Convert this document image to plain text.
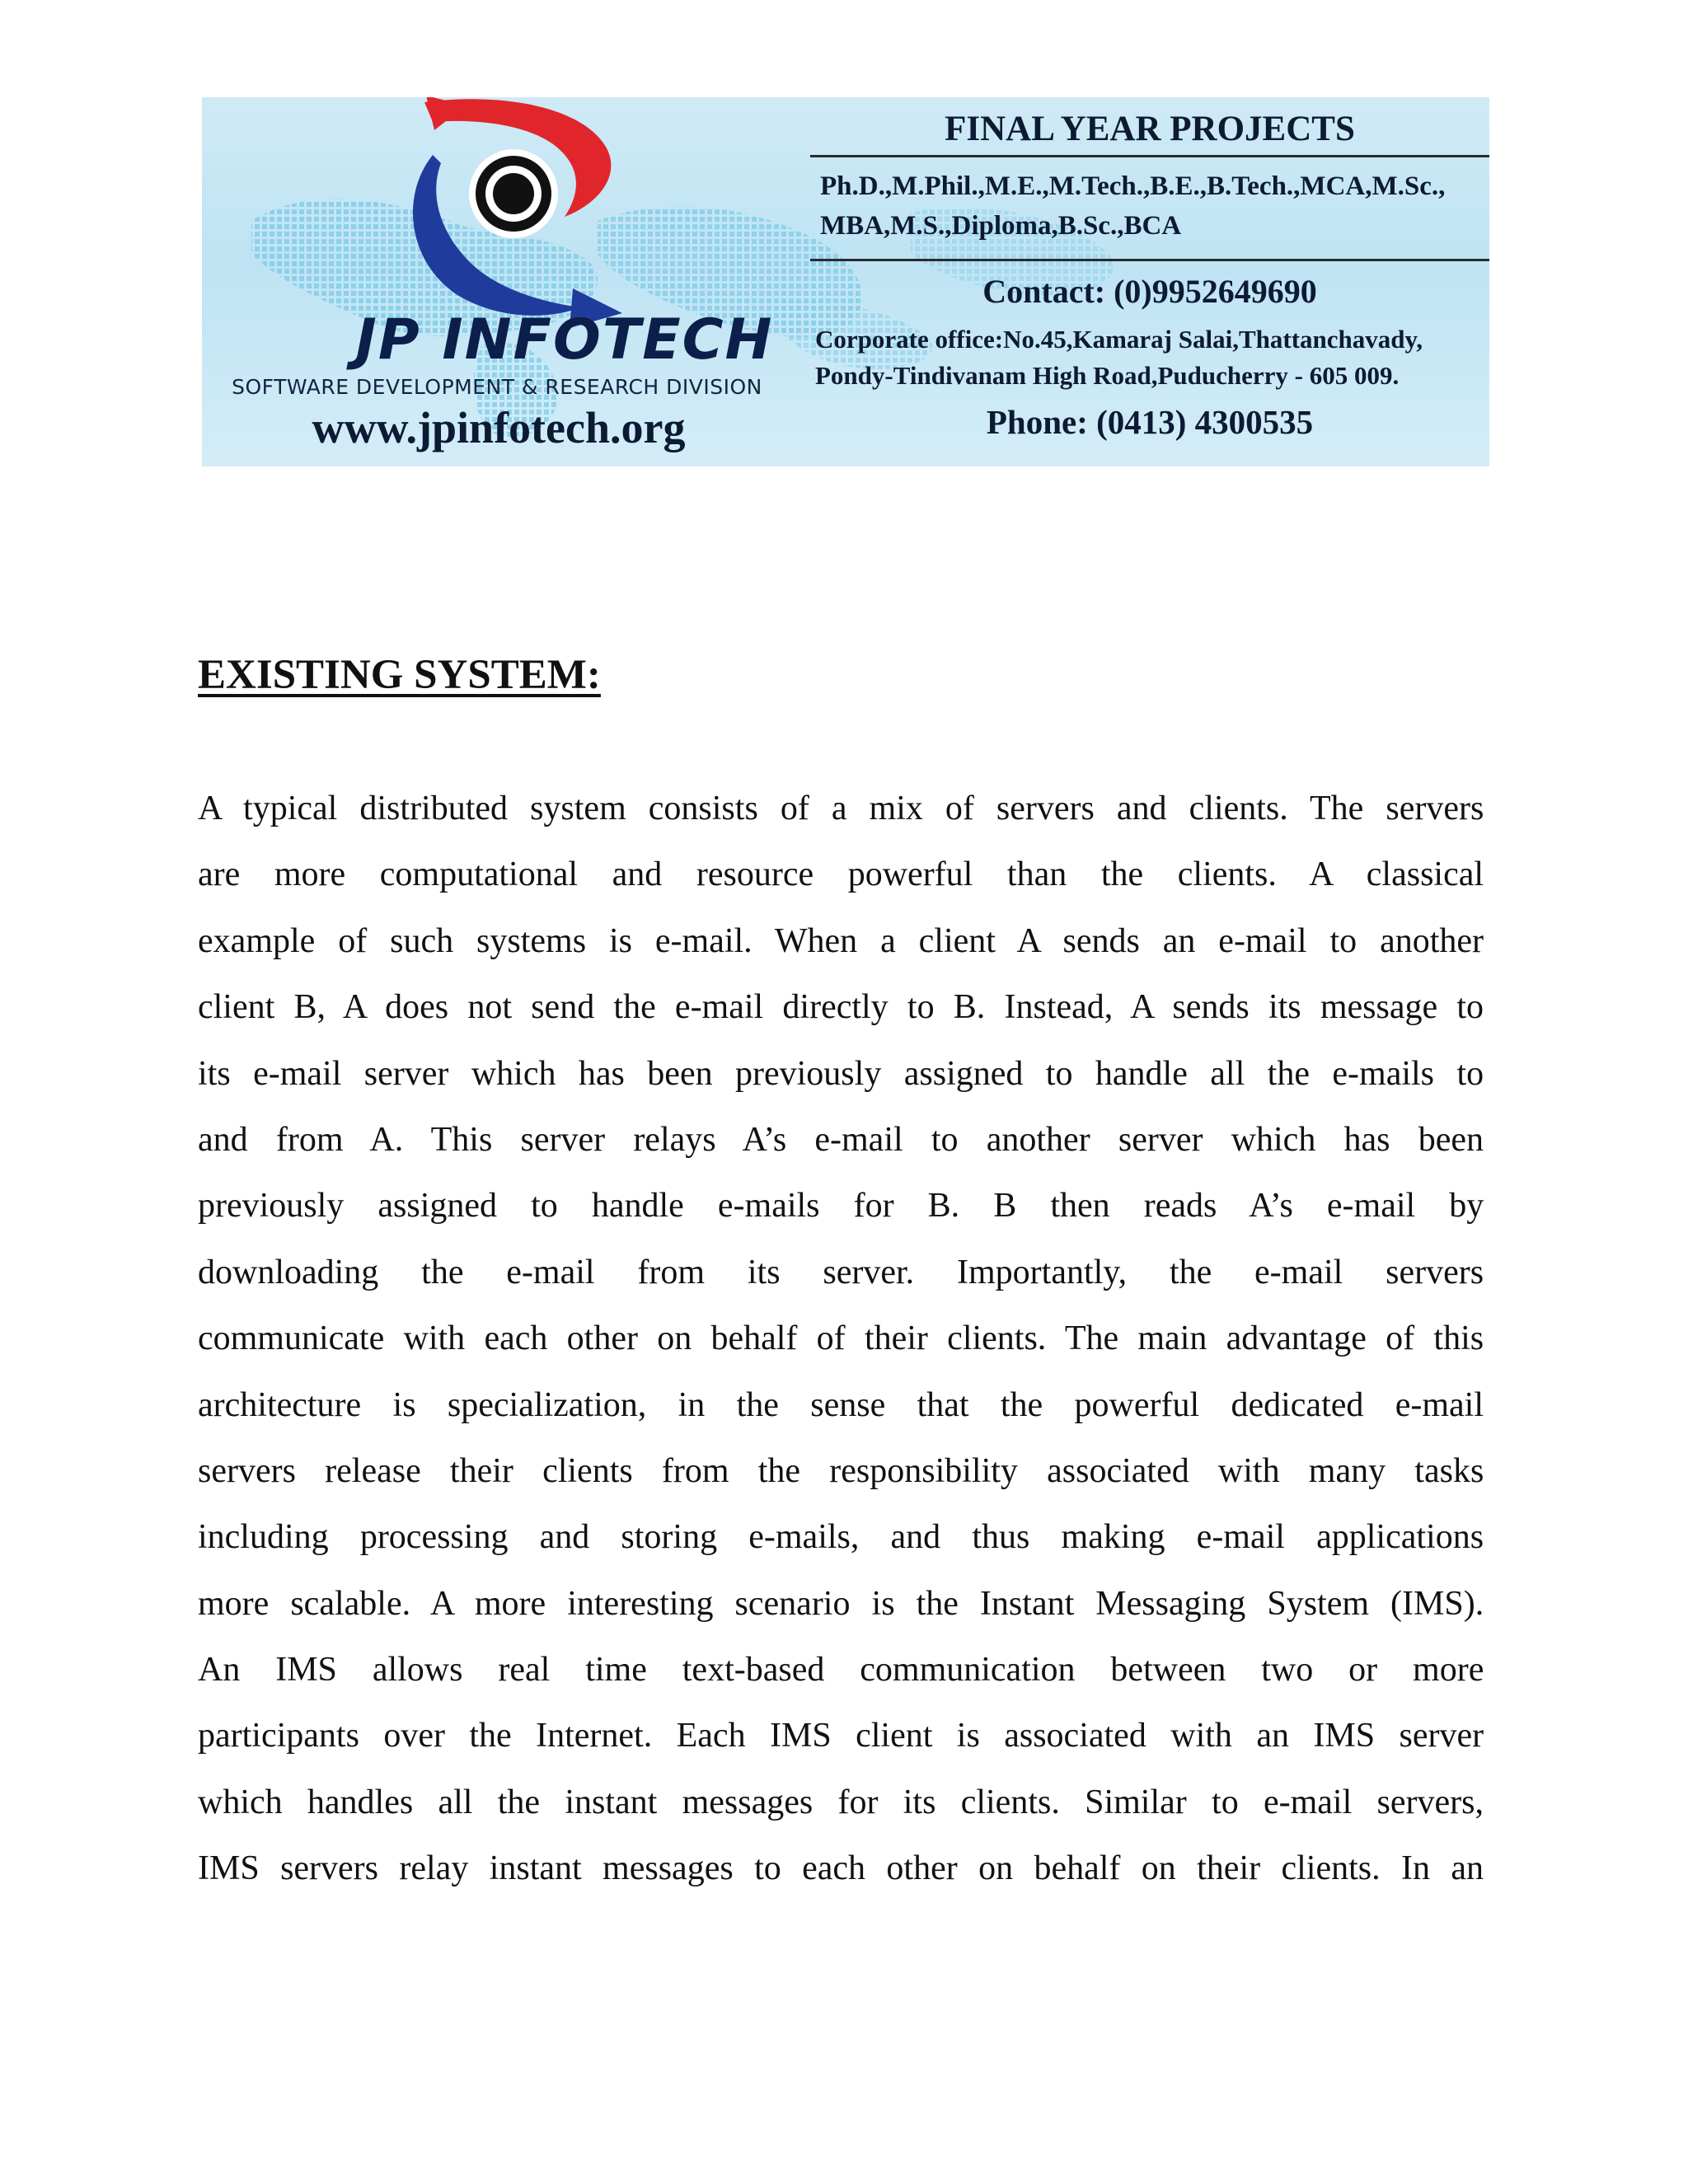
JP INFOTECH
SOFTWARE DEVELOPMENT & RESEARCH DIVISION
www.jpinfotech.org
FINAL YEAR PROJECTS
Ph.D.,M.Phil.,M.E.,M.Tech.,B.E.,B.Tech.,MCA,M.Sc.,
MBA,M.S.,Diploma,B.Sc.,BCA
Contact: (0)9952649690
Corporate office:No.45,Kamaraj Salai,Thattanchavady,
Pondy-Tindivanam High Road,Puducherry - 605 009.
Phone: (0413) 4300535
EXISTING SYSTEM:
A typical distributed system consists of a mix of servers and clients. The servers
are more computational and resource powerful than the clients. A classical
example of such systems is e-mail. When a client A sends an e-mail to another
client B, A does not send the e-mail directly to B. Instead, A sends its message to
its e-mail server which has been previously assigned to handle all the e-mails to
and from A. This server relays A’s e-mail to another server which has been
previously assigned to handle e-mails for B. B then reads A’s e-mail by
downloading the e-mail from its server. Importantly, the e-mail servers
communicate with each other on behalf of their clients. The main advantage of this
architecture is specialization, in the sense that the powerful dedicated e-mail
servers release their clients from the responsibility associated with many tasks
including processing and storing e-mails, and thus making e-mail applications
more scalable. A more interesting scenario is the Instant Messaging System (IMS).
An IMS allows real time text-based communication between two or more
participants over the Internet. Each IMS client is associated with an IMS server
which handles all the instant messages for its clients. Similar to e-mail servers,
IMS servers relay instant messages to each other on behalf on their clients. In an
